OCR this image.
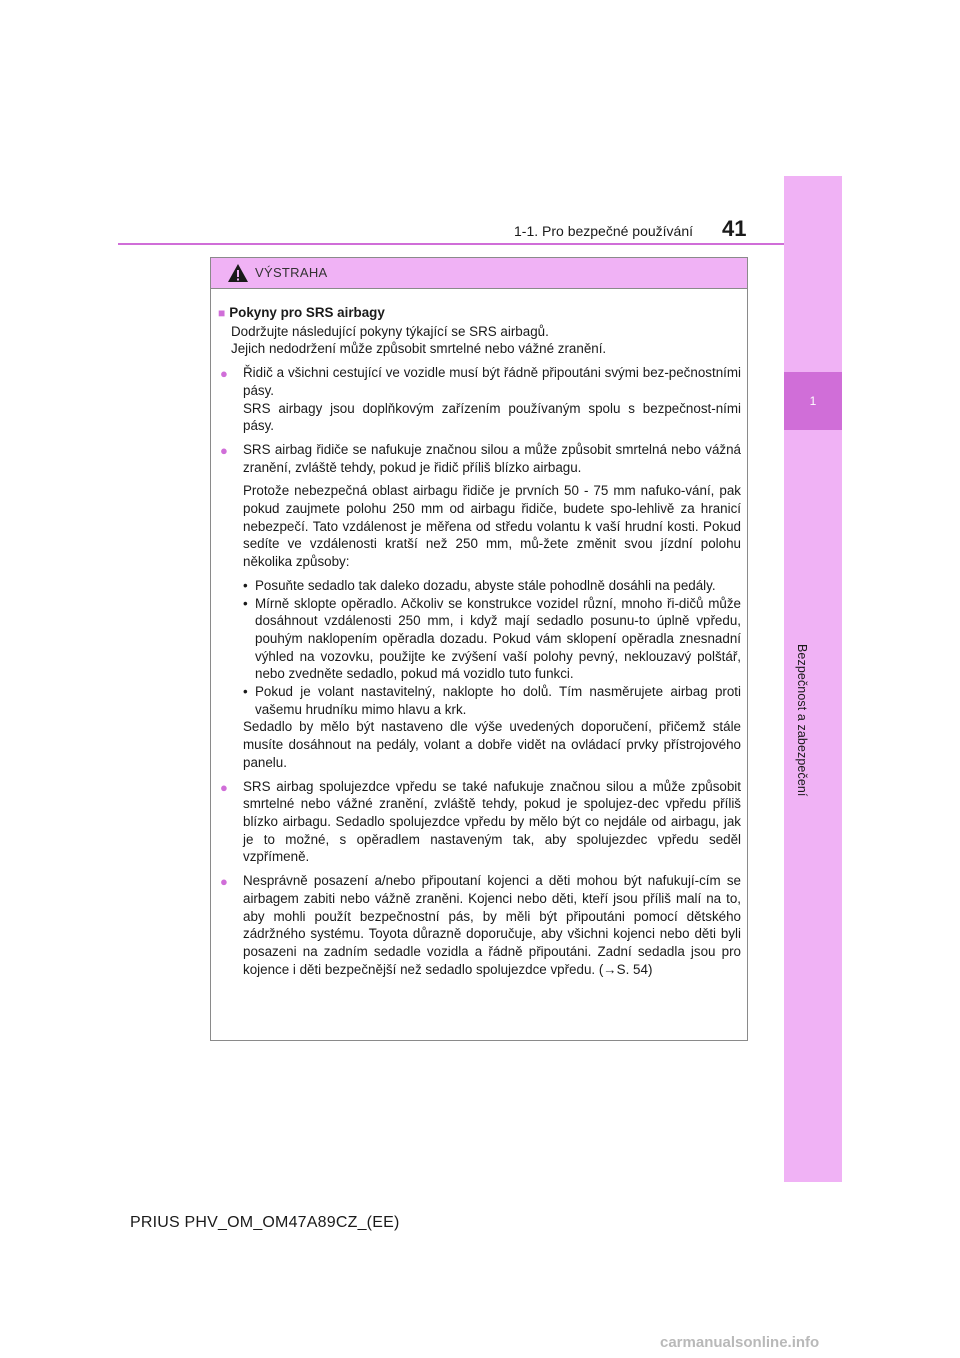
1
Bezpečnost a zabezpečení
1-1. Pro bezpečné používání 41
VÝSTRAHA
■ Pokyny pro SRS airbagy
Dodržujte následující pokyny týkající se SRS airbagů.
Jejich nedodržení může způsobit smrtelné nebo vážné zranění.
● Řidič a všichni cestující ve vozidle musí být řádně připoutáni svými bez-pečnostními pásy.
SRS airbagy jsou doplňkovým zařízením používaným spolu s bezpečnost-ními pásy.
● SRS airbag řidiče se nafukuje značnou silou a může způsobit smrtelná nebo vážná zranění, zvláště tehdy, pokud je řidič příliš blízko airbagu.
Protože nebezpečná oblast airbagu řidiče je prvních 50 - 75 mm nafuko-vání, pak pokud zaujmete polohu 250 mm od airbagu řidiče, budete spo-lehlivě za hranicí nebezpečí. Tato vzdálenost je měřena od středu volantu k vaší hrudní kosti. Pokud sedíte ve vzdálenosti kratší než 250 mm, mů-žete změnit svou jízdní polohu několika způsoby:
• Posuňte sedadlo tak daleko dozadu, abyste stále pohodlně dosáhli na pedály.
• Mírně sklopte opěradlo. Ačkoliv se konstrukce vozidel různí, mnoho ři-dičů může dosáhnout vzdálenosti 250 mm, i když mají sedadlo posunu-to úplně vpředu, pouhým naklopením opěradla dozadu. Pokud vám sklopení opěradla znesnadní výhled na vozovku, použijte ke zvýšení vaší polohy pevný, neklouzavý polštář, nebo zvedněte sedadlo, pokud má vozidlo tuto funkci.
• Pokud je volant nastavitelný, naklopte ho dolů. Tím nasměrujete airbag proti vašemu hrudníku mimo hlavu a krk.
Sedadlo by mělo být nastaveno dle výše uvedených doporučení, přičemž stále musíte dosáhnout na pedály, volant a dobře vidět na ovládací prvky přístrojového panelu.
● SRS airbag spolujezdce vpředu se také nafukuje značnou silou a může způsobit smrtelné nebo vážné zranění, zvláště tehdy, pokud je spolujez-dec vpředu příliš blízko airbagu. Sedadlo spolujezdce vpředu by mělo být co nejdále od airbagu, jak je to možné, s opěradlem nastaveným tak, aby spolujezdec vpředu seděl vzpřímeně.
● Nesprávně posazení a/nebo připoutaní kojenci a děti mohou být nafukují-cím se airbagem zabiti nebo vážně zraněni. Kojenci nebo děti, kteří jsou příliš malí na to, aby mohli použít bezpečnostní pás, by měli být připoutáni pomocí dětského zádržného systému. Toyota důrazně doporučuje, aby všichni kojenci nebo děti byli posazeni na zadním sedadle vozidla a řádně připoutáni. Zadní sedadla jsou pro kojence i děti bezpečnější než sedadlo spolujezdce vpředu. (→S. 54)
PRIUS PHV_OM_OM47A89CZ_(EE)
carmanualsonline.info
